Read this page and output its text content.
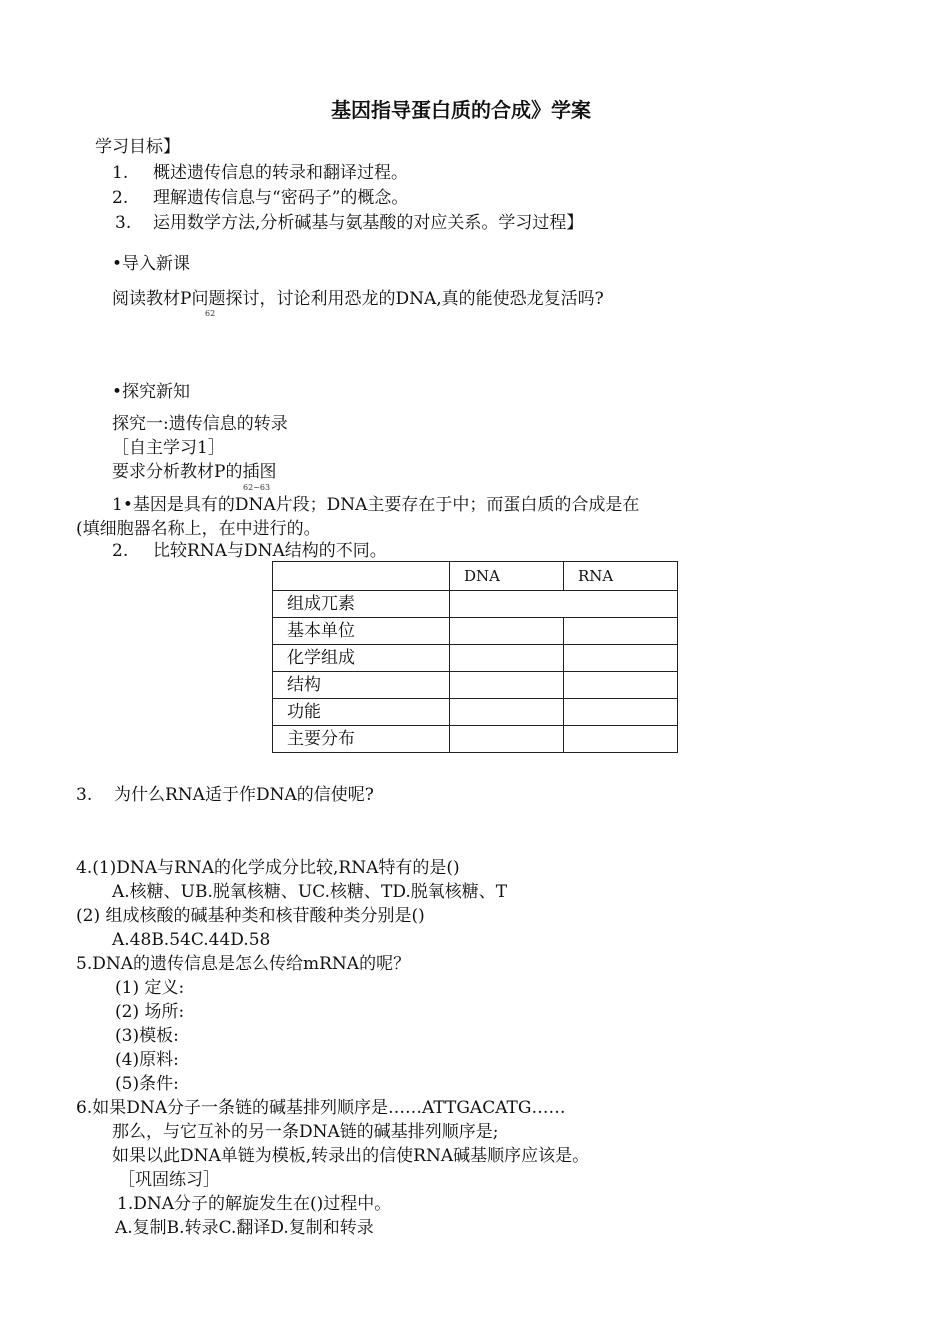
基因指导蛋白质的合成》学案
学习目标】
1. 概述遗传信息的转录和翻译过程。
2. 理解遗传信息与“密码子”的概念。
3. 运用数学方法,分析碱基与氨基酸的对应关系。学习过程】
•导入新课
阅读教材P问题探讨，讨论利用恐龙的DNA,真的能使恐龙复活吗?
62
•探究新知
探究一:遗传信息的转录
［自主学习1］
要求分析教材P的插图
62~63
1•基因是具有的DNA片段；DNA主要存在于中；而蛋白质的合成是在
(填细胞器名称上，在中进行的。
2. 比较RNA与DNA结构的不同。
	DNA	RNA
组成兀素		
基本单位		
化学组成		
结构		
功能		
主要分布		
3. 为什么RNA适于作DNA的信使呢?
4.(1)DNA与RNA的化学成分比较,RNA特有的是()
A.核糖、UB.脱氧核糖、UC.核糖、TD.脱氧核糖、T
(2) 组成核酸的碱基种类和核苷酸种类分别是()
A.48B.54C.44D.58
5.DNA的遗传信息是怎么传给mRNA的呢？
(1) 定义:
(2) 场所:
(3)模板:
(4)原料:
(5)条件:
6.如果DNA分子一条链的碱基排列顺序是……ATTGACATG……
那么，与它互补的另一条DNA链的碱基排列顺序是;
如果以此DNA单链为模板,转录出的信使RNA碱基顺序应该是。
［巩固练习］
1.DNA分子的解旋发生在()过程中。
A.复制B.转录C.翻译D.复制和转录
